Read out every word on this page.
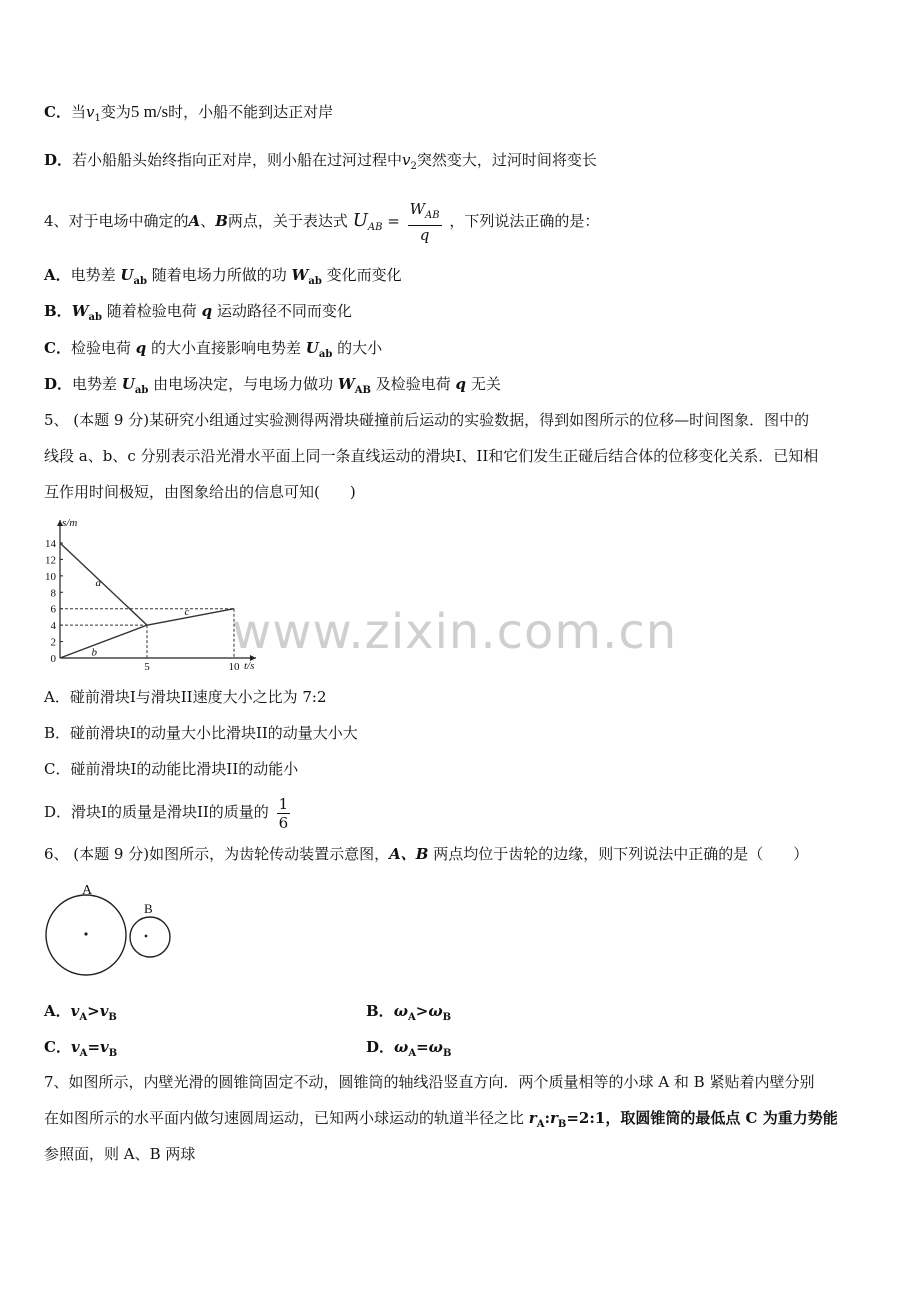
C．当$v_1$变为5 m/s时，小船不能到达正对岸
D．若小船船头始终指向正对岸，则小船在过河过程中$v_2$突然变大，过河时间将变长
4、对于电场中确定的A、B两点，关于表达式 $U_{AB} = \frac{W_{AB}}{q}$ ，下列说法正确的是：
A．电势差 $U_{ab}$ 随着电场力所做的功 $W_{ab}$ 变化而变化
B．$W_{ab}$ 随着检验电荷 q 运动路径不同而变化
C．检验电荷 q 的大小直接影响电势差 $U_{ab}$ 的大小
D．电势差 $U_{ab}$ 由电场决定，与电场力做功 $W_{AB}$ 及检验电荷 q 无关
5、 (本题 9 分)某研究小组通过实验测得两滑块碰撞前后运动的实验数据，得到如图所示的位移—时间图象．图中的
线段 a、b、c 分别表示沿光滑水平面上同一条直线运动的滑块I、II和它们发生正碰后结合体的位移变化关系．已知相
互作用时间极短，由图象给出的信息可知(　　)
0
2
4
6
8
10
12
14
5	10
a
b
c
s/m
t/s
www.zixin.com.cn
A．碰前滑块I与滑块II速度大小之比为 7:2
B．碰前滑块I的动量大小比滑块II的动量大小大
C．碰前滑块I的动能比滑块II的动能小
D．滑块I的质量是滑块II的质量的 $\frac{1}{6}$
6、 (本题 9 分)如图所示，为齿轮传动装置示意图，A、B 两点均位于齿轮的边缘，则下列说法中正确的是（　　）
A
B
A．$v_A>v_B$	B．$\omega_A>\omega_B$
C．$v_A=v_B$	D．$\omega_A=\omega_B$
7、如图所示，内壁光滑的圆锥筒固定不动，圆锥筒的轴线沿竖直方向．两个质量相等的小球 A 和 B 紧贴着内壁分别
在如图所示的水平面内做匀速圆周运动，已知两小球运动的轨道半径之比 $r_A:r_B=2:1$，取圆锥筒的最低点 C 为重力势能
参照面，则 A、B 两球
